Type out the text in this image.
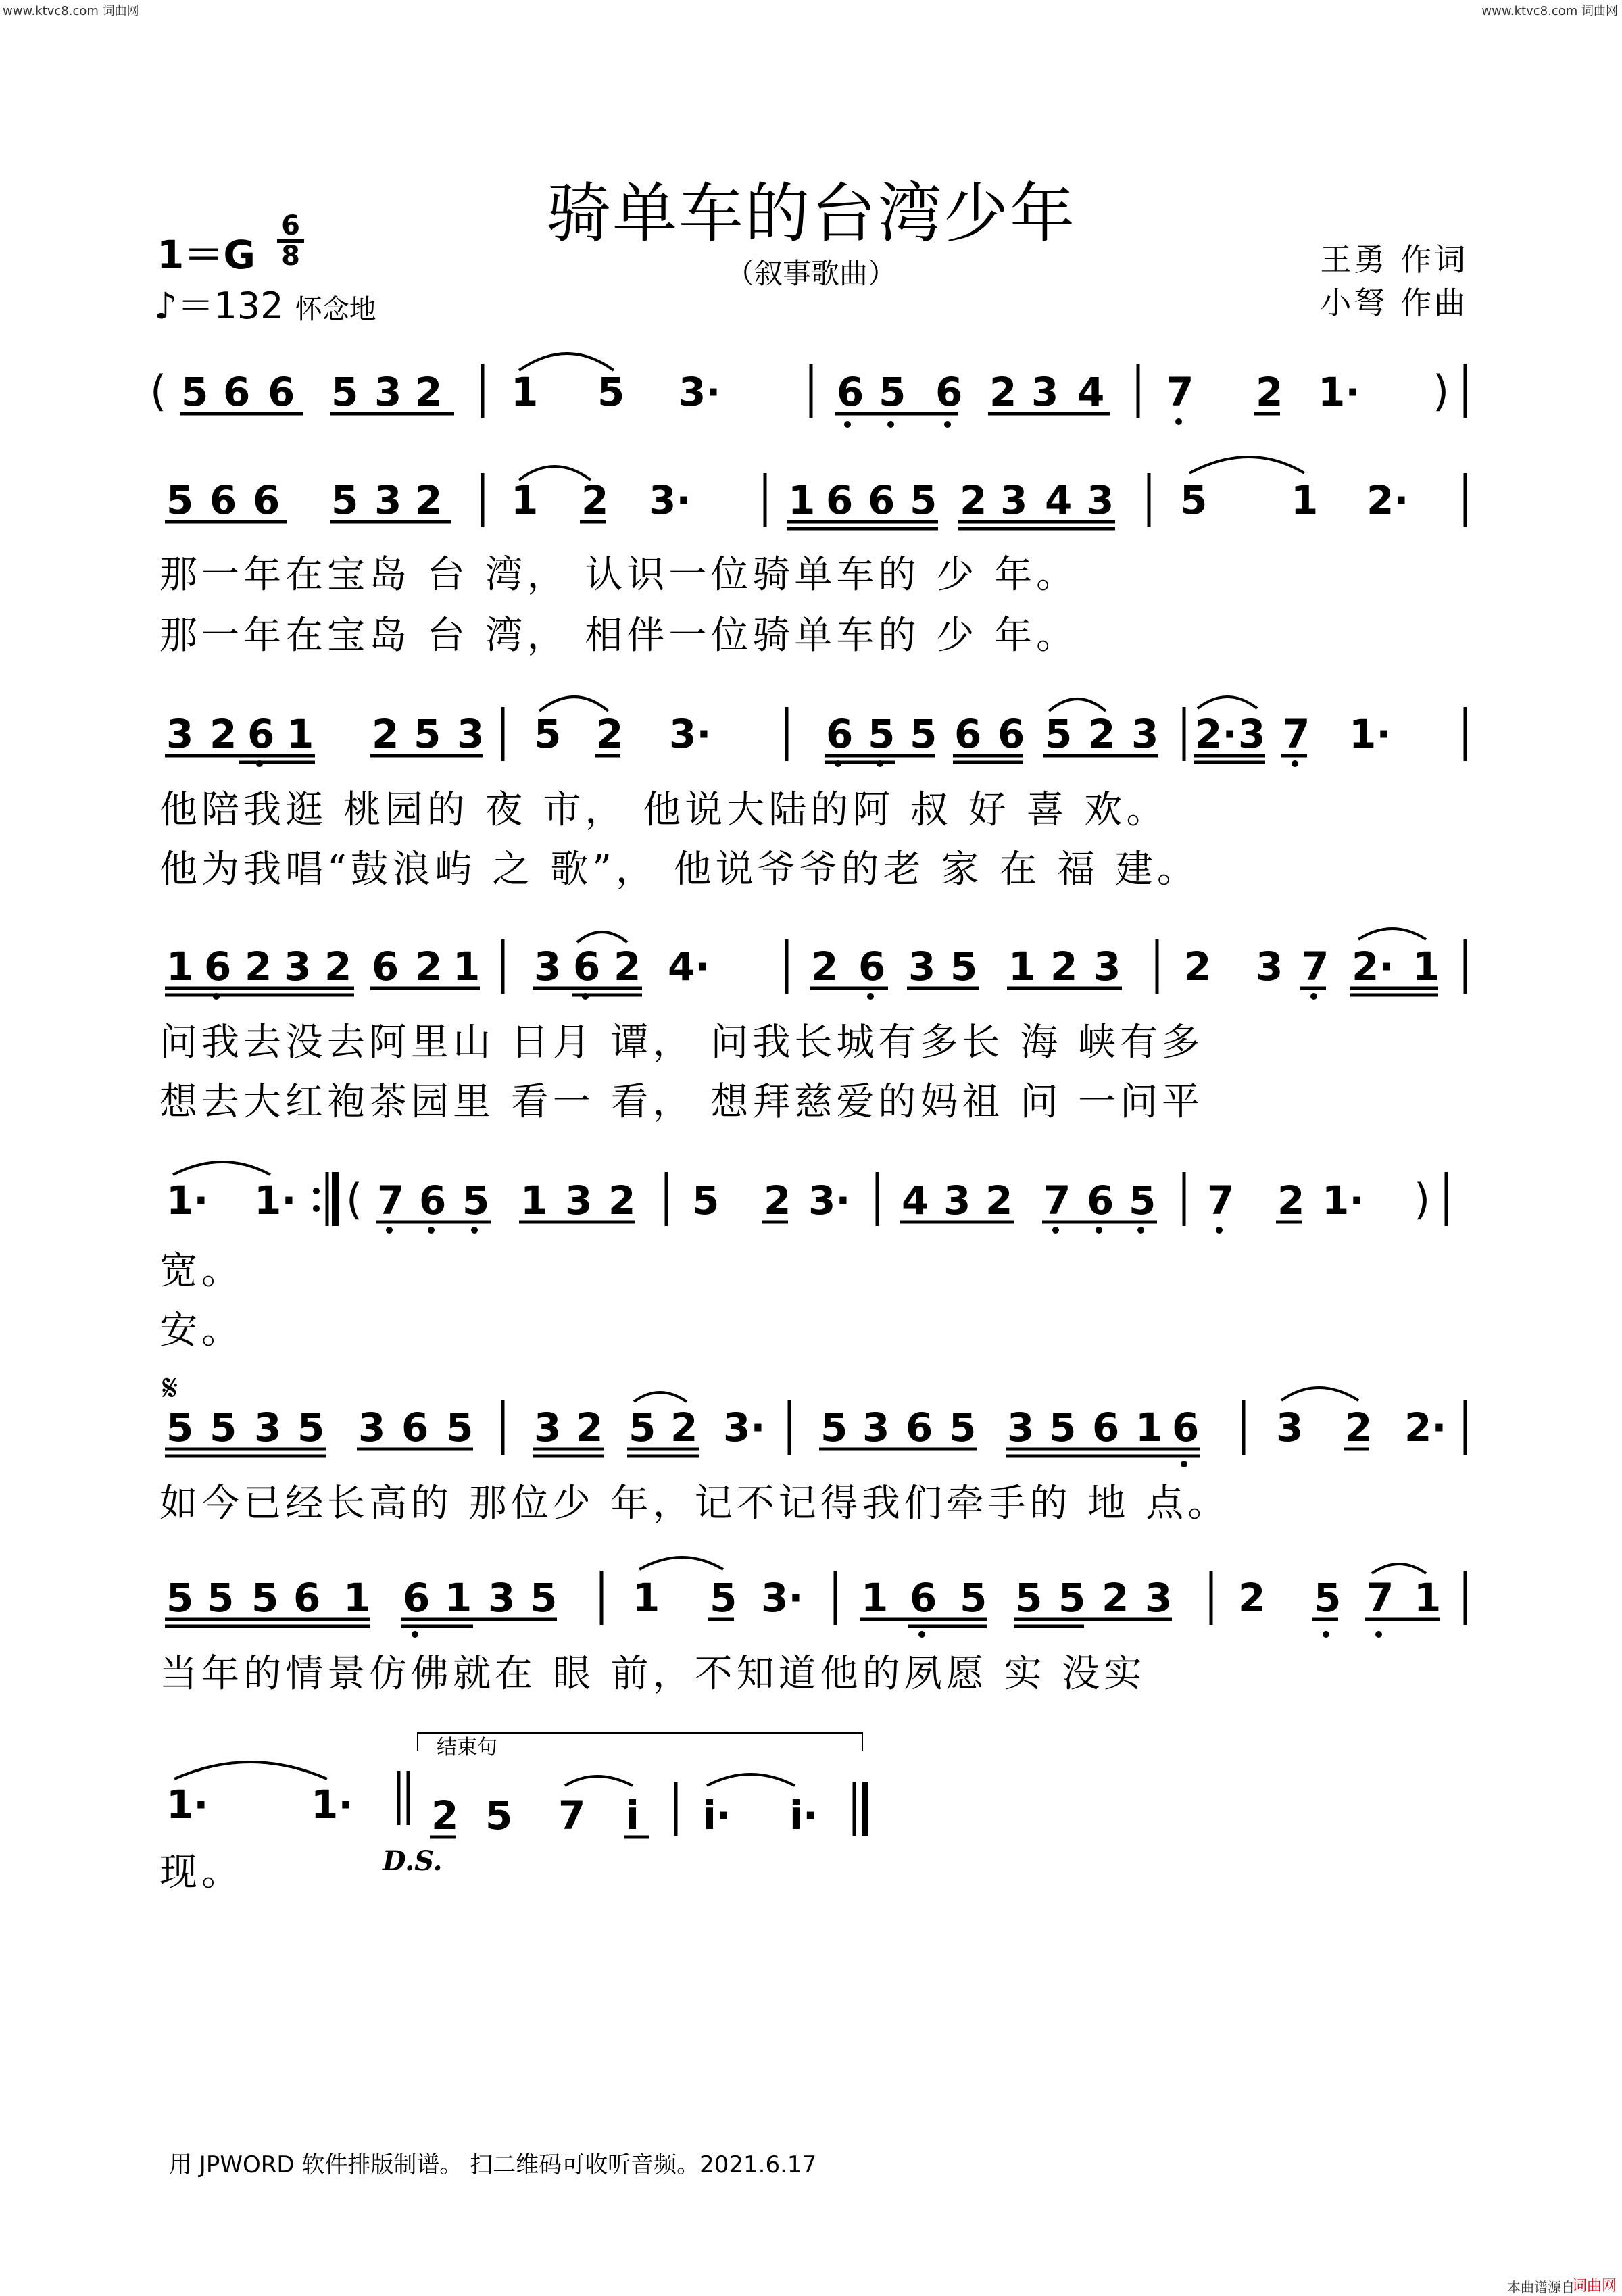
www.ktvc8.com 词曲网	www.ktvc8.com 词曲网
本曲谱源自
词曲网
骑单车的台湾少年
（叙事歌曲）
1＝G
6
8
♪＝132 怀念地
王勇 作词
小弩 作曲
( 5 6 6 5 3 2 1 5 3·	6 5 6 2 3 4 7 2 1· )
5 6 6 5 3 2 1 2 3· 1 6 6 5 2 3 4 3 5 1 2·
3 2 6 1 2 5 3 5 2 3·	6 5 5 6 6 5 2 3 2· 3 7 1·
1 6 2 3 2 6 2 1 3 6 2 4·	2 6 3 5 1 2 3 2 3 7 2· 1
1· 1· ( 7 6 5 1 3 2 5 2 3· 4 3 2 7 6 5 7 2 1· )
𝄋
5 5 3 5 3 6 5 3 2 5 2 3· 5 3 6 5 3 5 6 1 6 3 2 2·
5 5 5 6 1 6 1 3 5 1 5 3· 1 6 5 5 5 2 3 2 5 7 1
1·	1· 2 5 7 i i· i·
那一年在宝岛 台 湾， 认识一位骑单车的 少 年。
那一年在宝岛 台 湾， 相伴一位骑单车的 少 年。
他陪我逛 桃园的 夜 市， 他说大陆的阿 叔 好 喜 欢。
他为我唱“鼓浪屿 之 歌”， 他说爷爷的老 家 在 福 建。
问我去没去阿里山 日月 谭， 问我长城有多长 海 峡有多
想去大红袍茶园里 看一 看， 想拜慈爱的妈祖 问 一问平
宽。
安。
如今已经长高的 那位少 年，记不记得我们牵手的 地 点。
当年的情景仿佛就在 眼 前，不知道他的夙愿 实 没实
现。
结束句
D.S.
用 JPWORD 软件排版制谱。 扫二维码可收听音频。2021.6.17
